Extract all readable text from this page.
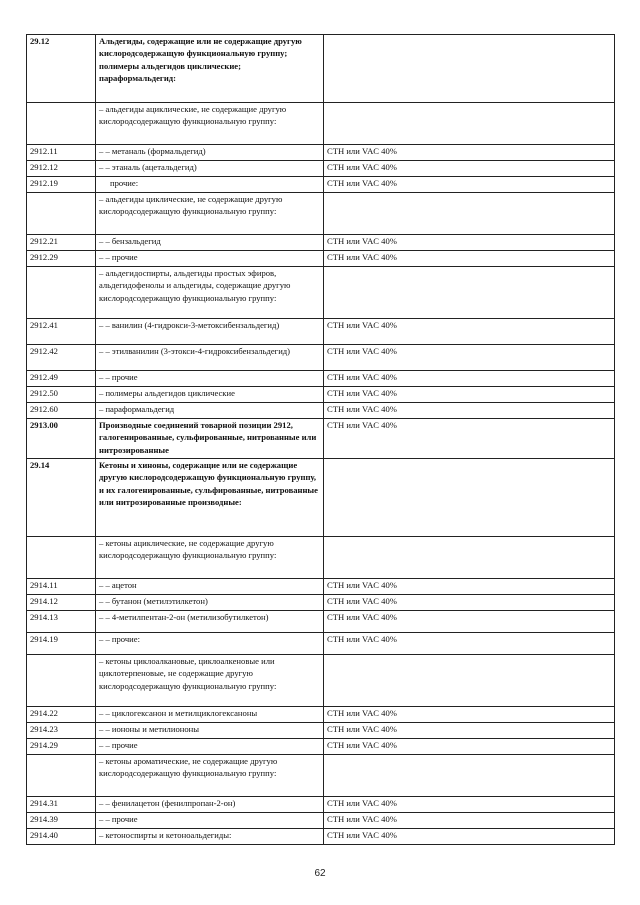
29.12	Альдегиды, содержащие или не содержащие другую кислородсодержащую функциональную группу; полимеры альдегидов циклические; параформальдегид:	
	– альдегиды ациклические, не содержащие другую кислородсодержащую функциональную группу:	
2912.11	– – метаналь (формальдегид)	СТН или VAC 40%
2912.12	– – этаналь (ацетальдегид)	СТН или VAC 40%
2912.19	прочие:	СТН или VAC 40%
	– альдегиды циклические, не содержащие другую кислородсодержащую функциональную группу:	
2912.21	– – бензальдегид	СТН или VAC 40%
2912.29	– – прочие	СТН или VAC 40%
	– альдегидоспирты, альдегиды простых эфиров, альдегидофенолы и альдегиды, содержащие другую кислородсодержащую функциональную группу:	
2912.41	– – ванилин (4-гидрокси-3-метоксибензальдегид)	СТН или VAC 40%
2912.42	– – этилванилин (3-этокси-4-гидроксибензальдегид)	СТН или VAC 40%
2912.49	– – прочие	СТН или VAC 40%
2912.50	– полимеры альдегидов циклические	СТН или VAC 40%
2912.60	– параформальдегид	СТН или VAC 40%
2913.00	Производные соединений товарной позиции 2912, галогенированные, сульфированные, нитрованные или нитрозированные	СТН или VAC 40%
29.14	Кетоны и хиноны, содержащие или не содержащие другую кислородсодержащую функциональную группу, и их галогенированные, сульфированные, нитрованные или нитрозированные производные:	
	– кетоны ациклические, не содержащие другую кислородсодержащую функциональную группу:	
2914.11	– – ацетон	СТН или VAC 40%
2914.12	– – бутанон (метилэтилкетон)	СТН или VAC 40%
2914.13	– – 4-метилпентан-2-он (метилизобутилкетон)	СТН или VAC 40%
2914.19	– – прочие:	СТН или VAC 40%
	– кетоны циклоалкановые, циклоалкеновые или циклотерпеновые, не содержащие другую кислородсодержащую функциональную группу:	
2914.22	– – циклогексанон и метилциклогексаноны	СТН или VAC 40%
2914.23	– – иононы и метилиононы	СТН или VAC 40%
2914.29	– – прочие	СТН или VAC 40%
	– кетоны ароматические, не содержащие другую кислородсодержащую функциональную группу:	
2914.31	– – фенилацетон (фенилпропан-2-он)	СТН или VAC 40%
2914.39	– – прочие	СТН или VAC 40%
2914.40	– кетоноспирты и кетоноальдегиды:	СТН или VAC 40%
62
